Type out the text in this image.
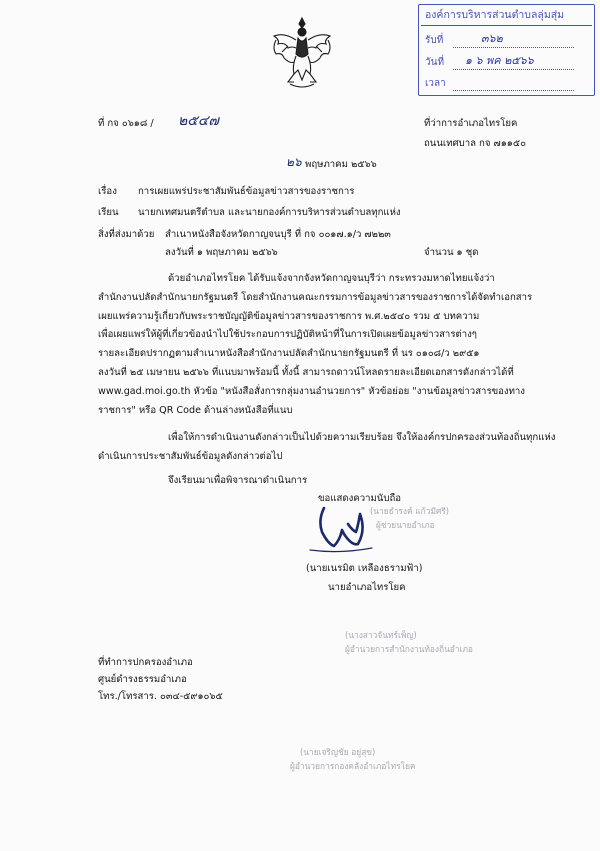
องค์การบริหารส่วนตำบลลุ่มสุ่ม
รับที่	๓๖๒
วันที่ ๑ ๖ พค ๒๕๖๖
เวลา
ที่ กจ ๐๖๑๘ / ๒๕๔๗	ที่ว่าการอำเภอไทรโยค
ถนนเทศบาล กจ ๗๑๑๕๐
๒๖ พฤษภาคม ๒๕๖๖
เรื่อง การเผยแพร่ประชาสัมพันธ์ข้อมูลข่าวสารของราชการ
เรียน นายกเทศมนตรีตำบล และนายกองค์การบริหารส่วนตำบลทุกแห่ง
สิ่งที่ส่งมาด้วย สำเนาหนังสือจังหวัดกาญจนบุรี ที่ กจ ๐๐๑๗.๑/ว ๗๒๒๓
ลงวันที่ ๑ พฤษภาคม ๒๕๖๖	จำนวน ๑ ชุด
ด้วยอำเภอไทรโยค ได้รับแจ้งจากจังหวัดกาญจนบุรีว่า กระทรวงมหาดไทยแจ้งว่า
สำนักงานปลัดสำนักนายกรัฐมนตรี โดยสำนักงานคณะกรรมการข้อมูลข่าวสารของราชการได้จัดทำเอกสาร
เผยแพร่ความรู้เกี่ยวกับพระราชบัญญัติข้อมูลข่าวสารของราชการ พ.ศ.๒๕๔๐ รวม ๕ บทความ
เพื่อเผยแพร่ให้ผู้ที่เกี่ยวข้องนำไปใช้ประกอบการปฏิบัติหน้าที่ในการเปิดเผยข้อมูลข่าวสารต่างๆ
รายละเอียดปรากฏตามสำเนาหนังสือสำนักงานปลัดสำนักนายกรัฐมนตรี ที่ นร ๐๑๐๘/ว ๒๙๕๑
ลงวันที่ ๒๕ เมษายน ๒๕๖๖ ที่แนบมาพร้อมนี้ ทั้งนี้ สามารถดาวน์โหลดรายละเอียดเอกสารดังกล่าวได้ที่
www.gad.moi.go.th หัวข้อ "หนังสือสั่งการกลุ่มงานอำนวยการ" หัวข้อย่อย "งานข้อมูลข่าวสารของทาง
ราชการ" หรือ QR Code ด้านล่างหนังสือที่แนบ
เพื่อให้การดำเนินงานดังกล่าวเป็นไปด้วยความเรียบร้อย จึงให้องค์กรปกครองส่วนท้องถิ่นทุกแห่ง
ดำเนินการประชาสัมพันธ์ข้อมูลดังกล่าวต่อไป
จึงเรียนมาเพื่อพิจารณาดำเนินการ
(นายธำรงค์ แก้วมีศรี)
ผู้ช่วยนายอำเภอ
(นางสาวจันทร์เพ็ญ)
ผู้อำนวยการสำนักงานท้องถิ่นอำเภอ
(นายเจริญชัย อยู่สุข)
ผู้อำนวยการกองคลังอำเภอไทรโยค
ขอแสดงความนับถือ
(นายเนรมิต เหลืองธรามฟ้า)
นายอำเภอไทรโยค
ที่ทำการปกครองอำเภอ
ศูนย์ดำรงธรรมอำเภอ
โทร./โทรสาร. ๐๓๔-๕๙๑๐๖๕
